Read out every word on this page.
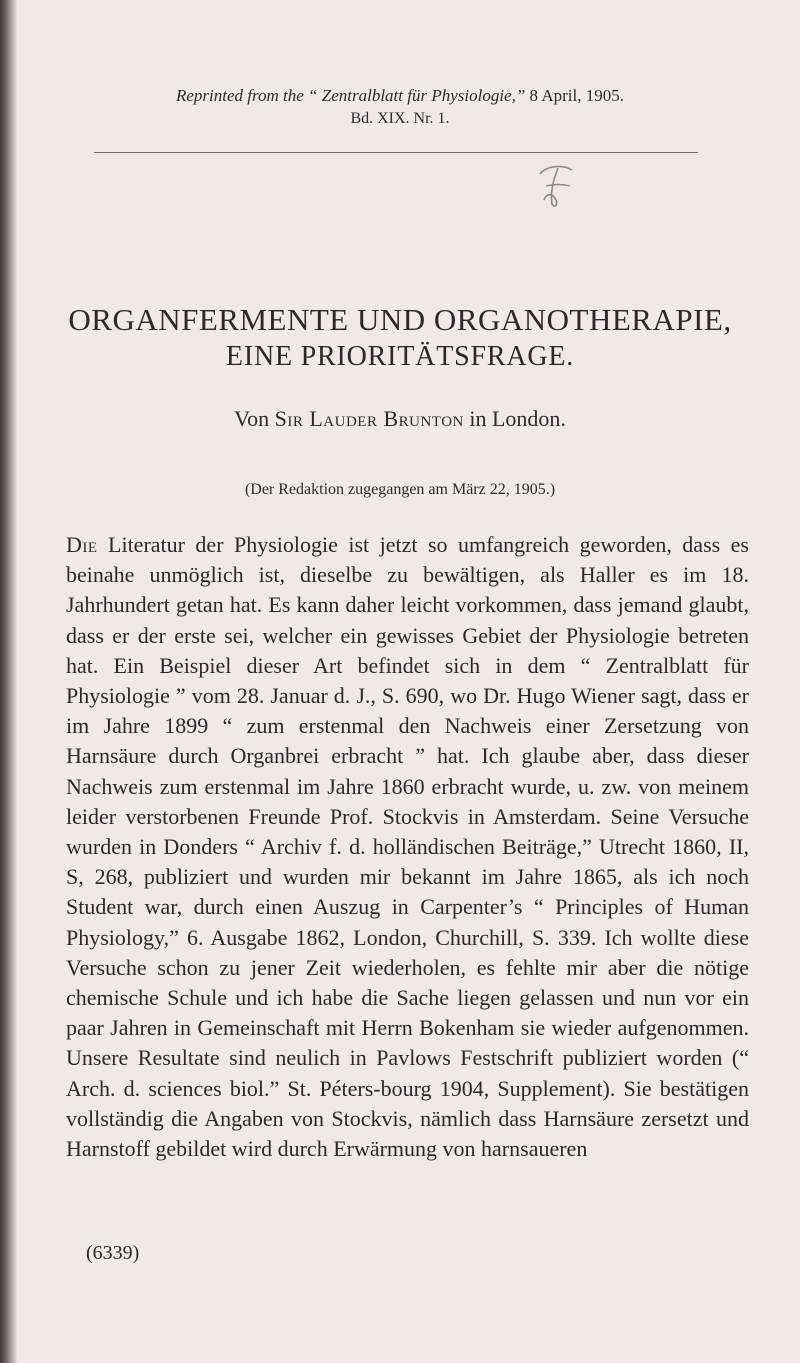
Reprinted from the “ Zentralblatt für Physiologie,” 8 April, 1905.
Bd. XIX. Nr. 1.
ORGANFERMENTE UND ORGANOTHERAPIE,
EINE PRIORITÄTSFRAGE.
Von Sir Lauder Brunton in London.
(Der Redaktion zugegangen am März 22, 1905.)
Die Literatur der Physiologie ist jetzt so umfangreich geworden, dass es beinahe unmöglich ist, dieselbe zu bewältigen, als Haller es im 18. Jahrhundert getan hat. Es kann daher leicht vorkommen, dass jemand glaubt, dass er der erste sei, welcher ein gewisses Gebiet der Physiologie betreten hat. Ein Beispiel dieser Art befindet sich in dem “ Zentralblatt für Physiologie ” vom 28. Januar d. J., S. 690, wo Dr. Hugo Wiener sagt, dass er im Jahre 1899 “ zum erstenmal den Nachweis einer Zersetzung von Harnsäure durch Organbrei erbracht ” hat. Ich glaube aber, dass dieser Nachweis zum erstenmal im Jahre 1860 erbracht wurde, u. zw. von meinem leider verstorbenen Freunde Prof. Stockvis in Amsterdam. Seine Versuche wurden in Donders “ Archiv f. d. holländischen Beiträge,” Utrecht 1860, II, S, 268, publiziert und wurden mir bekannt im Jahre 1865, als ich noch Student war, durch einen Auszug in Carpenter’s “ Principles of Human Physiology,” 6. Ausgabe 1862, London, Churchill, S. 339. Ich wollte diese Versuche schon zu jener Zeit wiederholen, es fehlte mir aber die nötige chemische Schule und ich habe die Sache liegen gelassen und nun vor ein paar Jahren in Gemeinschaft mit Herrn Bokenham sie wieder aufgenommen. Unsere Resultate sind neulich in Pavlows Festschrift publiziert worden (“ Arch. d. sciences biol.” St. Péters-bourg 1904, Supplement). Sie bestätigen vollständig die Angaben von Stockvis, nämlich dass Harnsäure zersetzt und Harnstoff gebildet wird durch Erwärmung von harnsaueren
(6339)
